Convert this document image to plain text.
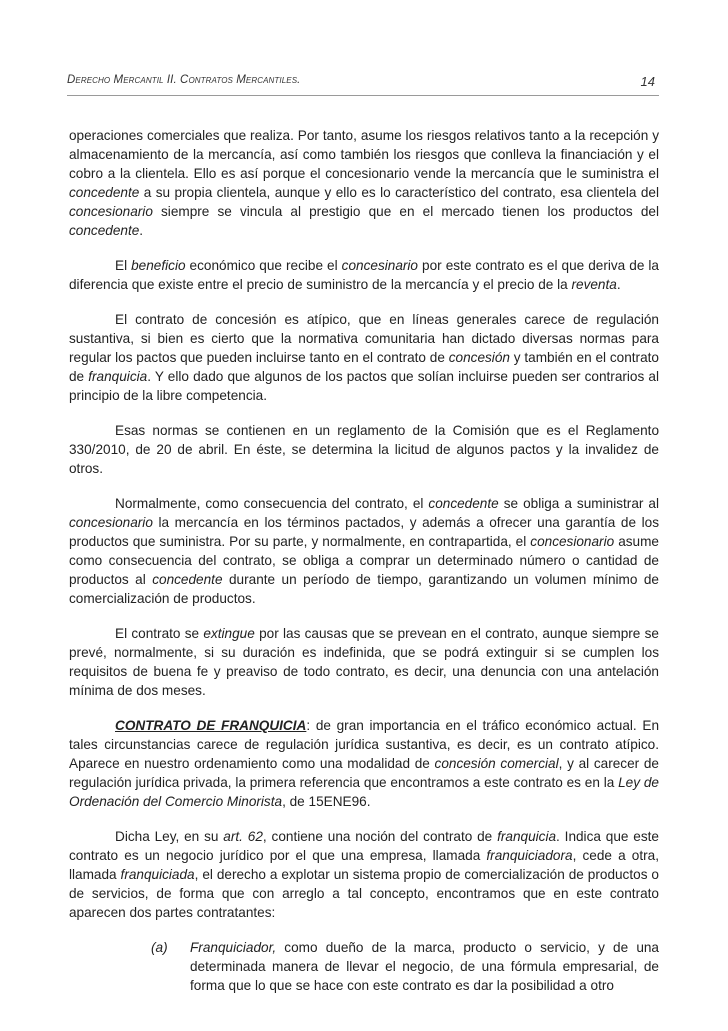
Derecho Mercantil II. Contratos Mercantiles.	14

operaciones comerciales que realiza. Por tanto, asume los riesgos relativos tanto a la recepción y almacenamiento de la mercancía, así como también los riesgos que conlleva la financiación y el cobro a la clientela. Ello es así porque el concesionario vende la mercancía que le suministra el concedente a su propia clientela, aunque y ello es lo característico del contrato, esa clientela del concesionario siempre se vincula al prestigio que en el mercado tienen los productos del concedente.

El beneficio económico que recibe el concesinario por este contrato es el que deriva de la diferencia que existe entre el precio de suministro de la mercancía y el precio de la reventa.

El contrato de concesión es atípico, que en líneas generales carece de regulación sustantiva, si bien es cierto que la normativa comunitaria han dictado diversas normas para regular los pactos que pueden incluirse tanto en el contrato de concesión y también en el contrato de franquicia. Y ello dado que algunos de los pactos que solían incluirse pueden ser contrarios al principio de la libre competencia.

Esas normas se contienen en un reglamento de la Comisión que es el Reglamento 330/2010, de 20 de abril. En éste, se determina la licitud de algunos pactos y la invalidez de otros.

Normalmente, como consecuencia del contrato, el concedente se obliga a suministrar al concesionario la mercancía en los términos pactados, y además a ofrecer una garantía de los productos que suministra. Por su parte, y normalmente, en contrapartida, el concesionario asume como consecuencia del contrato, se obliga a comprar un determinado número o cantidad de productos al concedente durante un período de tiempo, garantizando un volumen mínimo de comercialización de productos.

El contrato se extingue por las causas que se prevean en el contrato, aunque siempre se prevé, normalmente, si su duración es indefinida, que se podrá extinguir si se cumplen los requisitos de buena fe y preaviso de todo contrato, es decir, una denuncia con una antelación mínima de dos meses.

CONTRATO DE FRANQUICIA: de gran importancia en el tráfico económico actual. En tales circunstancias carece de regulación jurídica sustantiva, es decir, es un contrato atípico. Aparece en nuestro ordenamiento como una modalidad de concesión comercial, y al carecer de regulación jurídica privada, la primera referencia que encontramos a este contrato es en la Ley de Ordenación del Comercio Minorista, de 15ENE96.

Dicha Ley, en su art. 62, contiene una noción del contrato de franquicia. Indica que este contrato es un negocio jurídico por el que una empresa, llamada franquiciadora, cede a otra, llamada franquiciada, el derecho a explotar un sistema propio de comercialización de productos o de servicios, de forma que con arreglo a tal concepto, encontramos que en este contrato aparecen dos partes contratantes:

(a) Franquiciador, como dueño de la marca, producto o servicio, y de una determinada manera de llevar el negocio, de una fórmula empresarial, de forma que lo que se hace con este contrato es dar la posibilidad a otro
